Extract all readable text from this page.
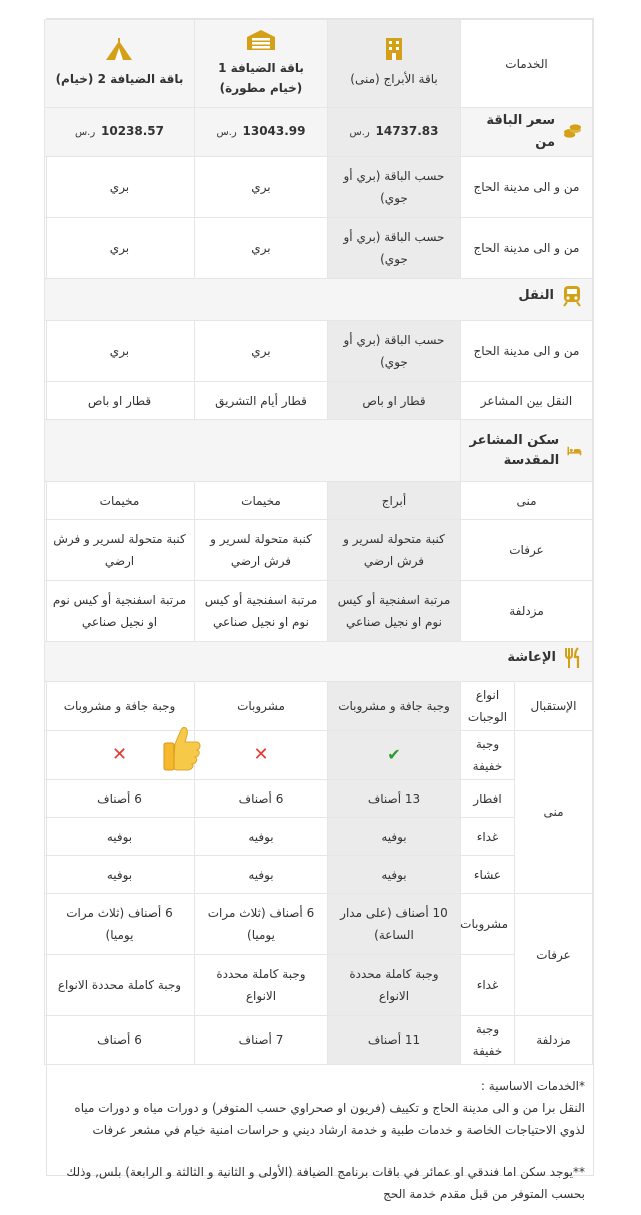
الخدمات		باقة الأبراج (منى)	باقة الضيافة 1 (خيام مطورة)	باقة الضيافة 2 (خيام)

سعر الباقة من		14737.83 ر.س	13043.99 ر.س	10238.57 ر.س
من و الى مدينة الحاج		حسب الباقة (بري أو جوي)	بري	بري
من و الى مدينة الحاج		حسب الباقة (بري أو جوي)	بري	بري

النقل				

من و الى مدينة الحاج		حسب الباقة (بري أو جوي)	بري	بري
النقل بين المشاعر		قطار او باص	قطار أيام التشريق	قطار او باص

سكن المشاعر المقدسة				

منى		أبراج	مخيمات	مخيمات
عرفات		كنبة متحولة لسرير و فرش ارضي	كنبة متحولة لسرير و فرش ارضي	كنبة متحولة لسرير و فرش ارضي
مزدلفة		مرتبة اسفنجية أو كيس نوم او نجيل صناعي	مرتبة اسفنجية أو كيس نوم او نجيل صناعي	مرتبة اسفنجية أو كيس نوم او نجيل صناعي

الإعاشة				

الإستقبال	انواع الوجبات	وجبة جافة و مشروبات	مشروبات	وجبة جافة و مشروبات
منى	وجبة خفيفة	✔	✕	✕
	افطار	13 أصناف	6 أصناف	6 أصناف
	غداء	بوفيه	بوفيه	بوفيه
	عشاء	بوفيه	بوفيه	بوفيه
عرفات	مشروبات	10 أصناف (على مدار الساعة)	6 أصناف (ثلاث مرات يوميا)	6 أصناف (ثلاث مرات يوميا)
	غداء	وجبة كاملة محددة الانواع	وجبة كاملة محددة الانواع	وجبة كاملة محددة الانواع
مزدلفة	وجبة خفيفة	11 أصناف	7 أصناف	6 أصناف

*الخدمات الاساسية :

النقل برا من و الى مدينة الحاج و تكييف (فريون او صحراوي حسب المتوفر) و دورات مياه و دورات مياه لذوي الاحتياجات الخاصة و خدمات طبية و خدمة ارشاد ديني و حراسات امنية خيام في مشعر عرفات

**يوجد سكن اما فندقي او عمائر في باقات برنامج الضيافة (الأولى و الثانية و الثالثة و الرابعة) بلس, وذلك بحسب المتوفر من قبل مقدم خدمة الحج
